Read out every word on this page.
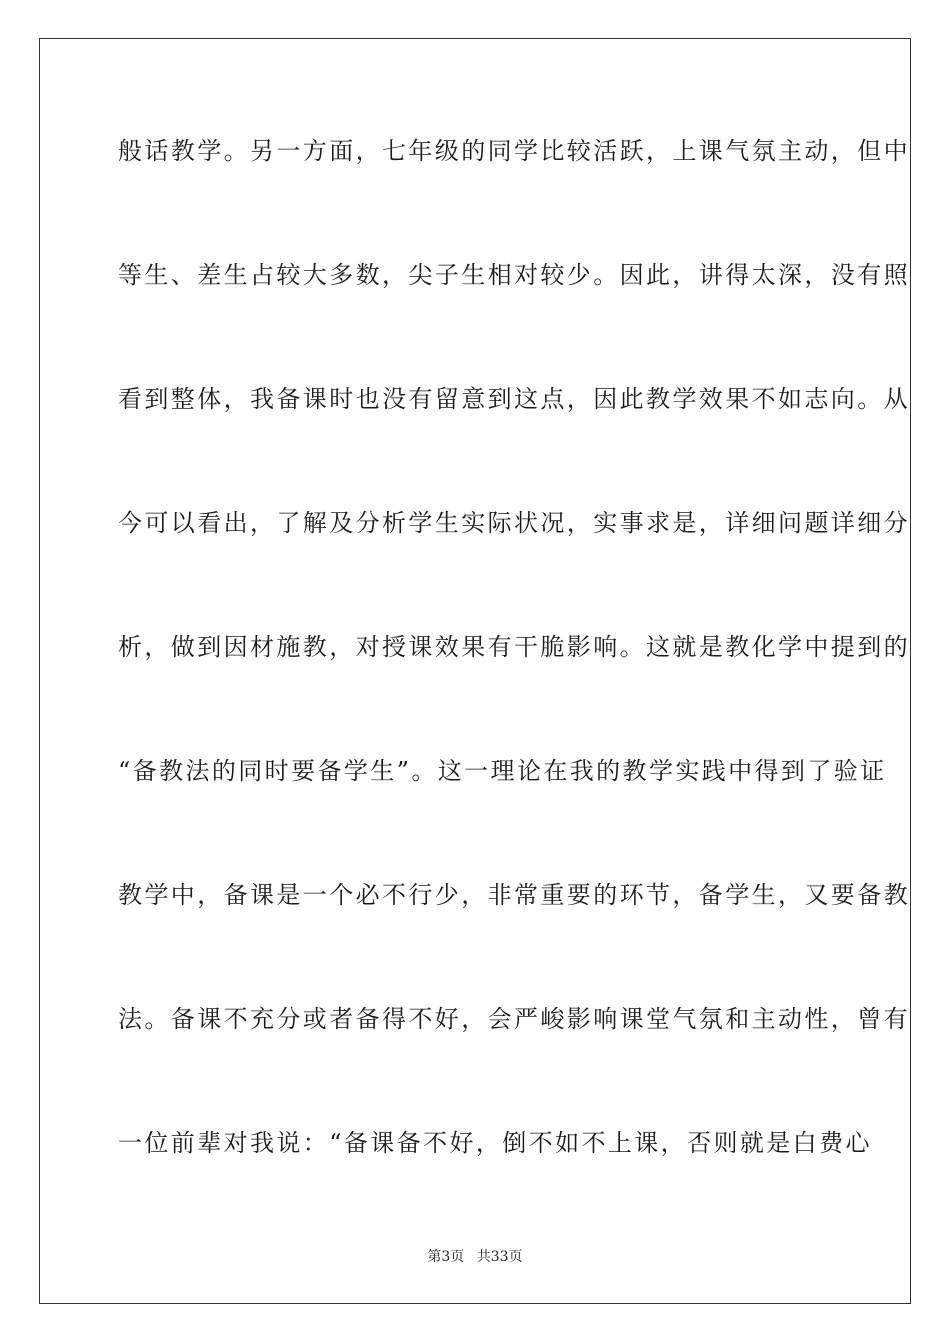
般话教学。另一方面，七年级的同学比较活跃，上课气氛主动，但中
等生、差生占较大多数，尖子生相对较少。因此，讲得太深，没有照
看到整体，我备课时也没有留意到这点，因此教学效果不如志向。从
今可以看出，了解及分析学生实际状况，实事求是，详细问题详细分
析，做到因材施教，对授课效果有干脆影响。这就是教化学中提到的
“备教法的同时要备学生”。这一理论在我的教学实践中得到了验证
教学中，备课是一个必不行少，非常重要的环节，备学生，又要备教
法。备课不充分或者备得不好，会严峻影响课堂气氛和主动性，曾有
一位前辈对我说：“备课备不好，倒不如不上课，否则就是白费心
第3页 共33页
